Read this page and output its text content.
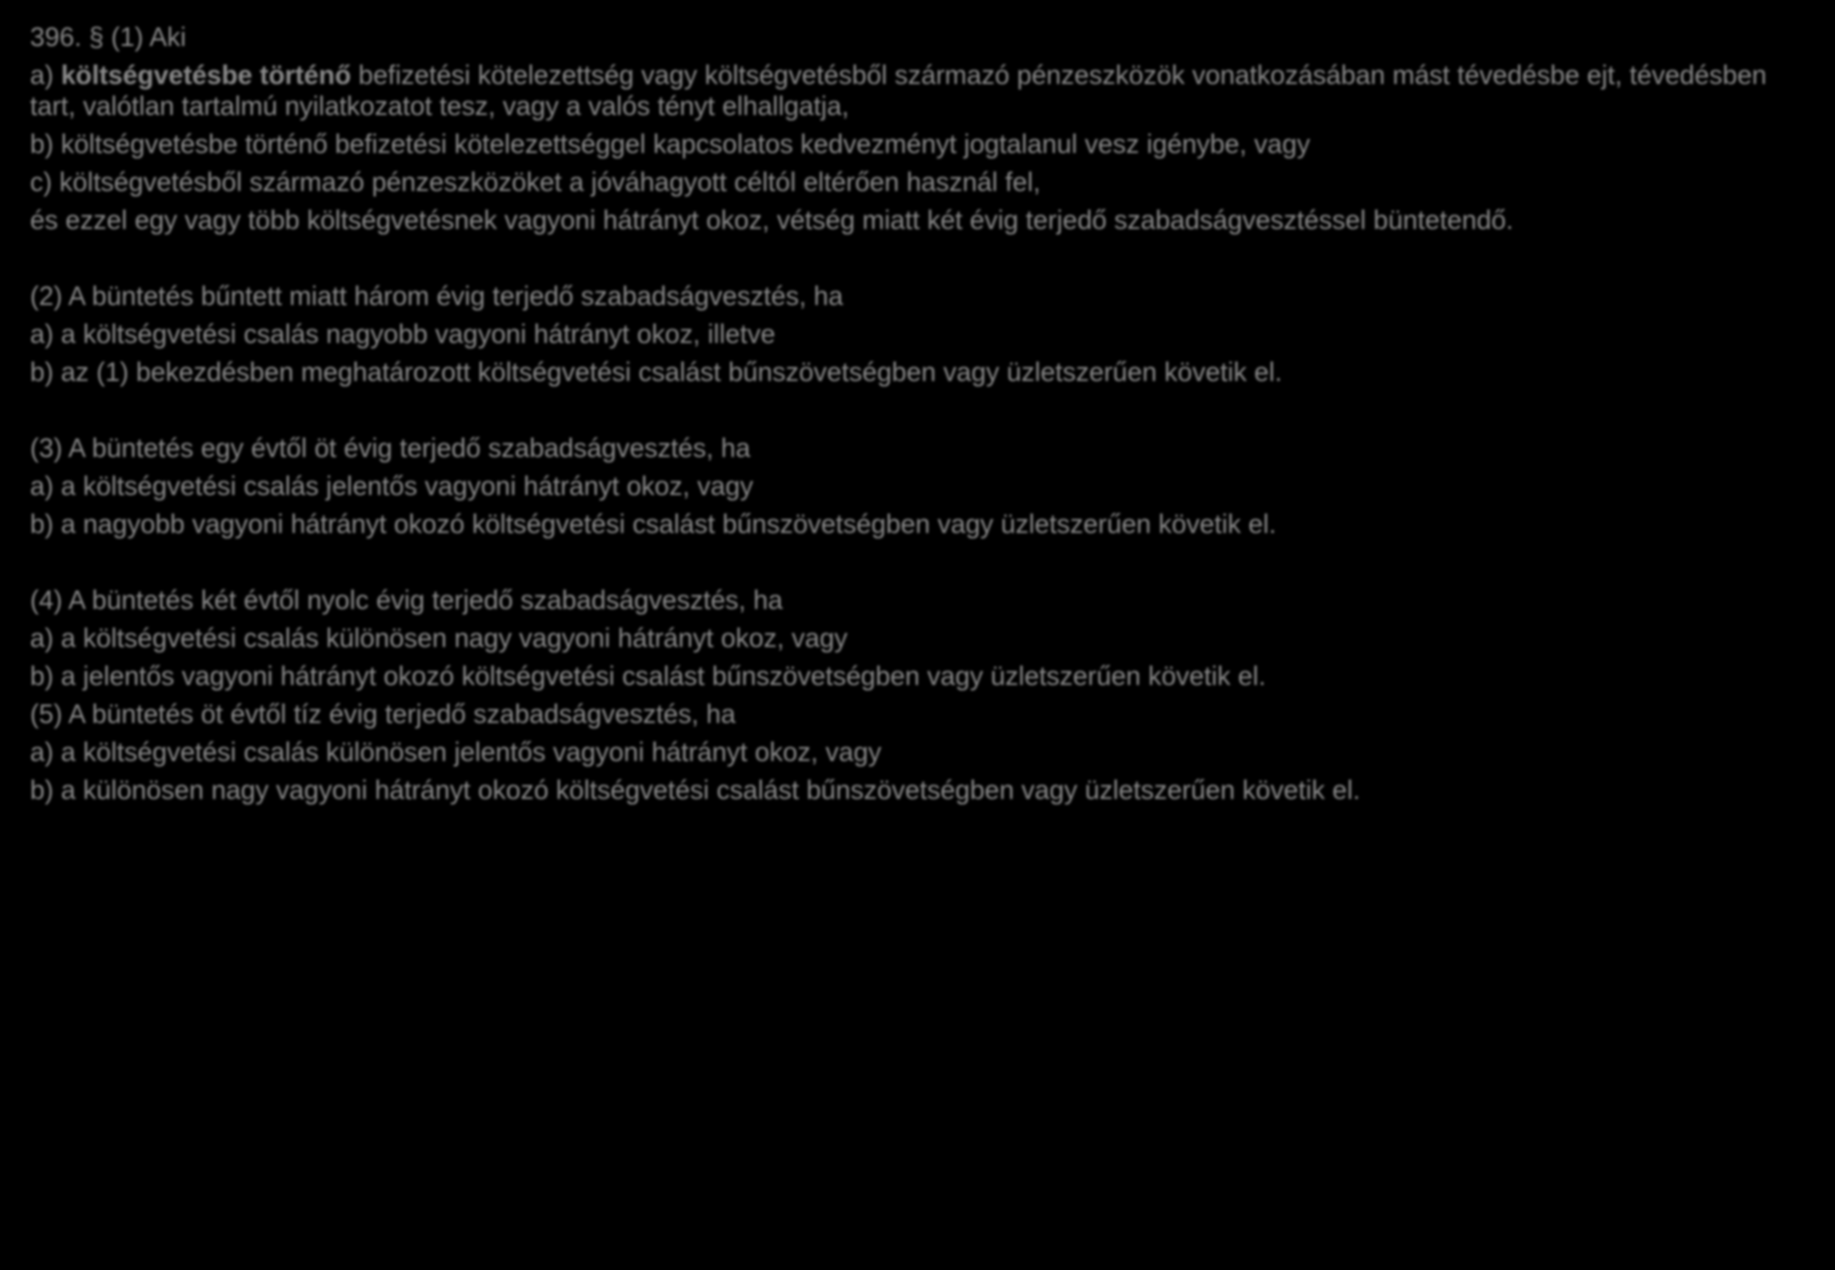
396. § (1) Aki
a) költségvetésbe történő befizetési kötelezettség vagy költségvetésből származó pénzeszközök vonatkozásában mást tévedésbe ejt, tévedésben tart, valótlan tartalmú nyilatkozatot tesz, vagy a valós tényt elhallgatja,
b) költségvetésbe történő befizetési kötelezettséggel kapcsolatos kedvezményt jogtalanul vesz igénybe, vagy
c) költségvetésből származó pénzeszközöket a jóváhagyott céltól eltérően használ fel,
és ezzel egy vagy több költségvetésnek vagyoni hátrányt okoz, vétség miatt két évig terjedő szabadságvesztéssel büntetendő.
(2) A büntetés bűntett miatt három évig terjedő szabadságvesztés, ha
a) a költségvetési csalás nagyobb vagyoni hátrányt okoz, illetve
b) az (1) bekezdésben meghatározott költségvetési csalást bűnszövetségben vagy üzletszerűen követik el.
(3) A büntetés egy évtől öt évig terjedő szabadságvesztés, ha
a) a költségvetési csalás jelentős vagyoni hátrányt okoz, vagy
b) a nagyobb vagyoni hátrányt okozó költségvetési csalást bűnszövetségben vagy üzletszerűen követik el.
(4) A büntetés két évtől nyolc évig terjedő szabadságvesztés, ha
a) a költségvetési csalás különösen nagy vagyoni hátrányt okoz, vagy
b) a jelentős vagyoni hátrányt okozó költségvetési csalást bűnszövetségben vagy üzletszerűen követik el.
(5) A büntetés öt évtől tíz évig terjedő szabadságvesztés, ha
a) a költségvetési csalás különösen jelentős vagyoni hátrányt okoz, vagy
b) a különösen nagy vagyoni hátrányt okozó költségvetési csalást bűnszövetségben vagy üzletszerűen követik el.
